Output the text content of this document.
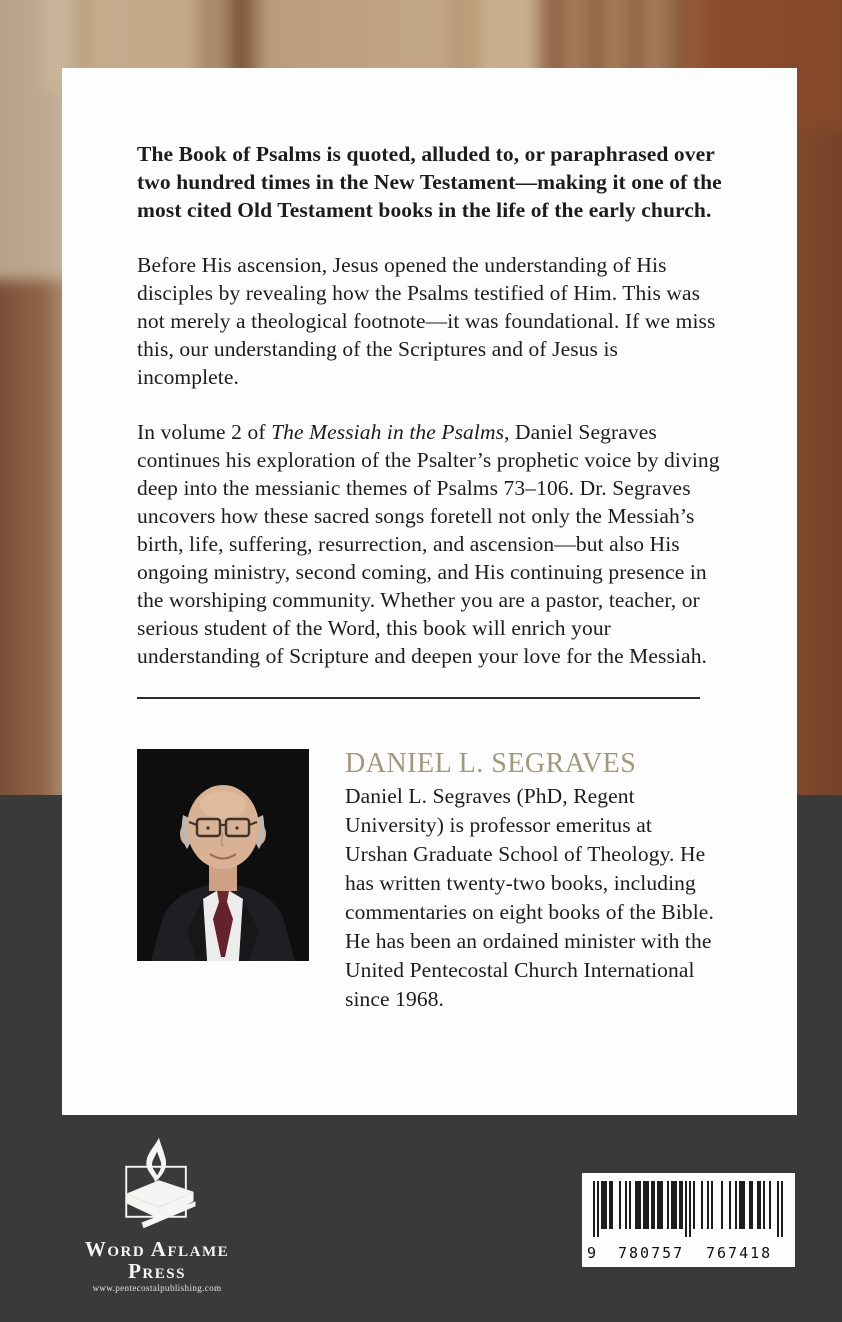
The Book of Psalms is quoted, alluded to, or paraphrased over two hundred times in the New Testament—making it one of the most cited Old Testament books in the life of the early church.

Before His ascension, Jesus opened the understanding of His disciples by revealing how the Psalms testified of Him. This was not merely a theological footnote—it was foundational. If we miss this, our understanding of the Scriptures and of Jesus is incomplete.

In volume 2 of The Messiah in the Psalms, Daniel Segraves continues his exploration of the Psalter’s prophetic voice by diving deep into the messianic themes of Psalms 73–106. Dr. Segraves uncovers how these sacred songs foretell not only the Messiah’s birth, life, suffering, resurrection, and ascension—but also His ongoing ministry, second coming, and His continuing presence in the worshiping community. Whether you are a pastor, teacher, or serious student of the Word, this book will enrich your understanding of Scripture and deepen your love for the Messiah.

DANIEL L. SEGRAVES

Daniel L. Segraves (PhD, Regent University) is professor emeritus at Urshan Graduate School of Theology. He has written twenty-two books, including commentaries on eight books of the Bible. He has been an ordained minister with the United Pentecostal Church International since 1968.

Word Aflame Press
www.pentecostalpublishing.com
9 780757 767418
